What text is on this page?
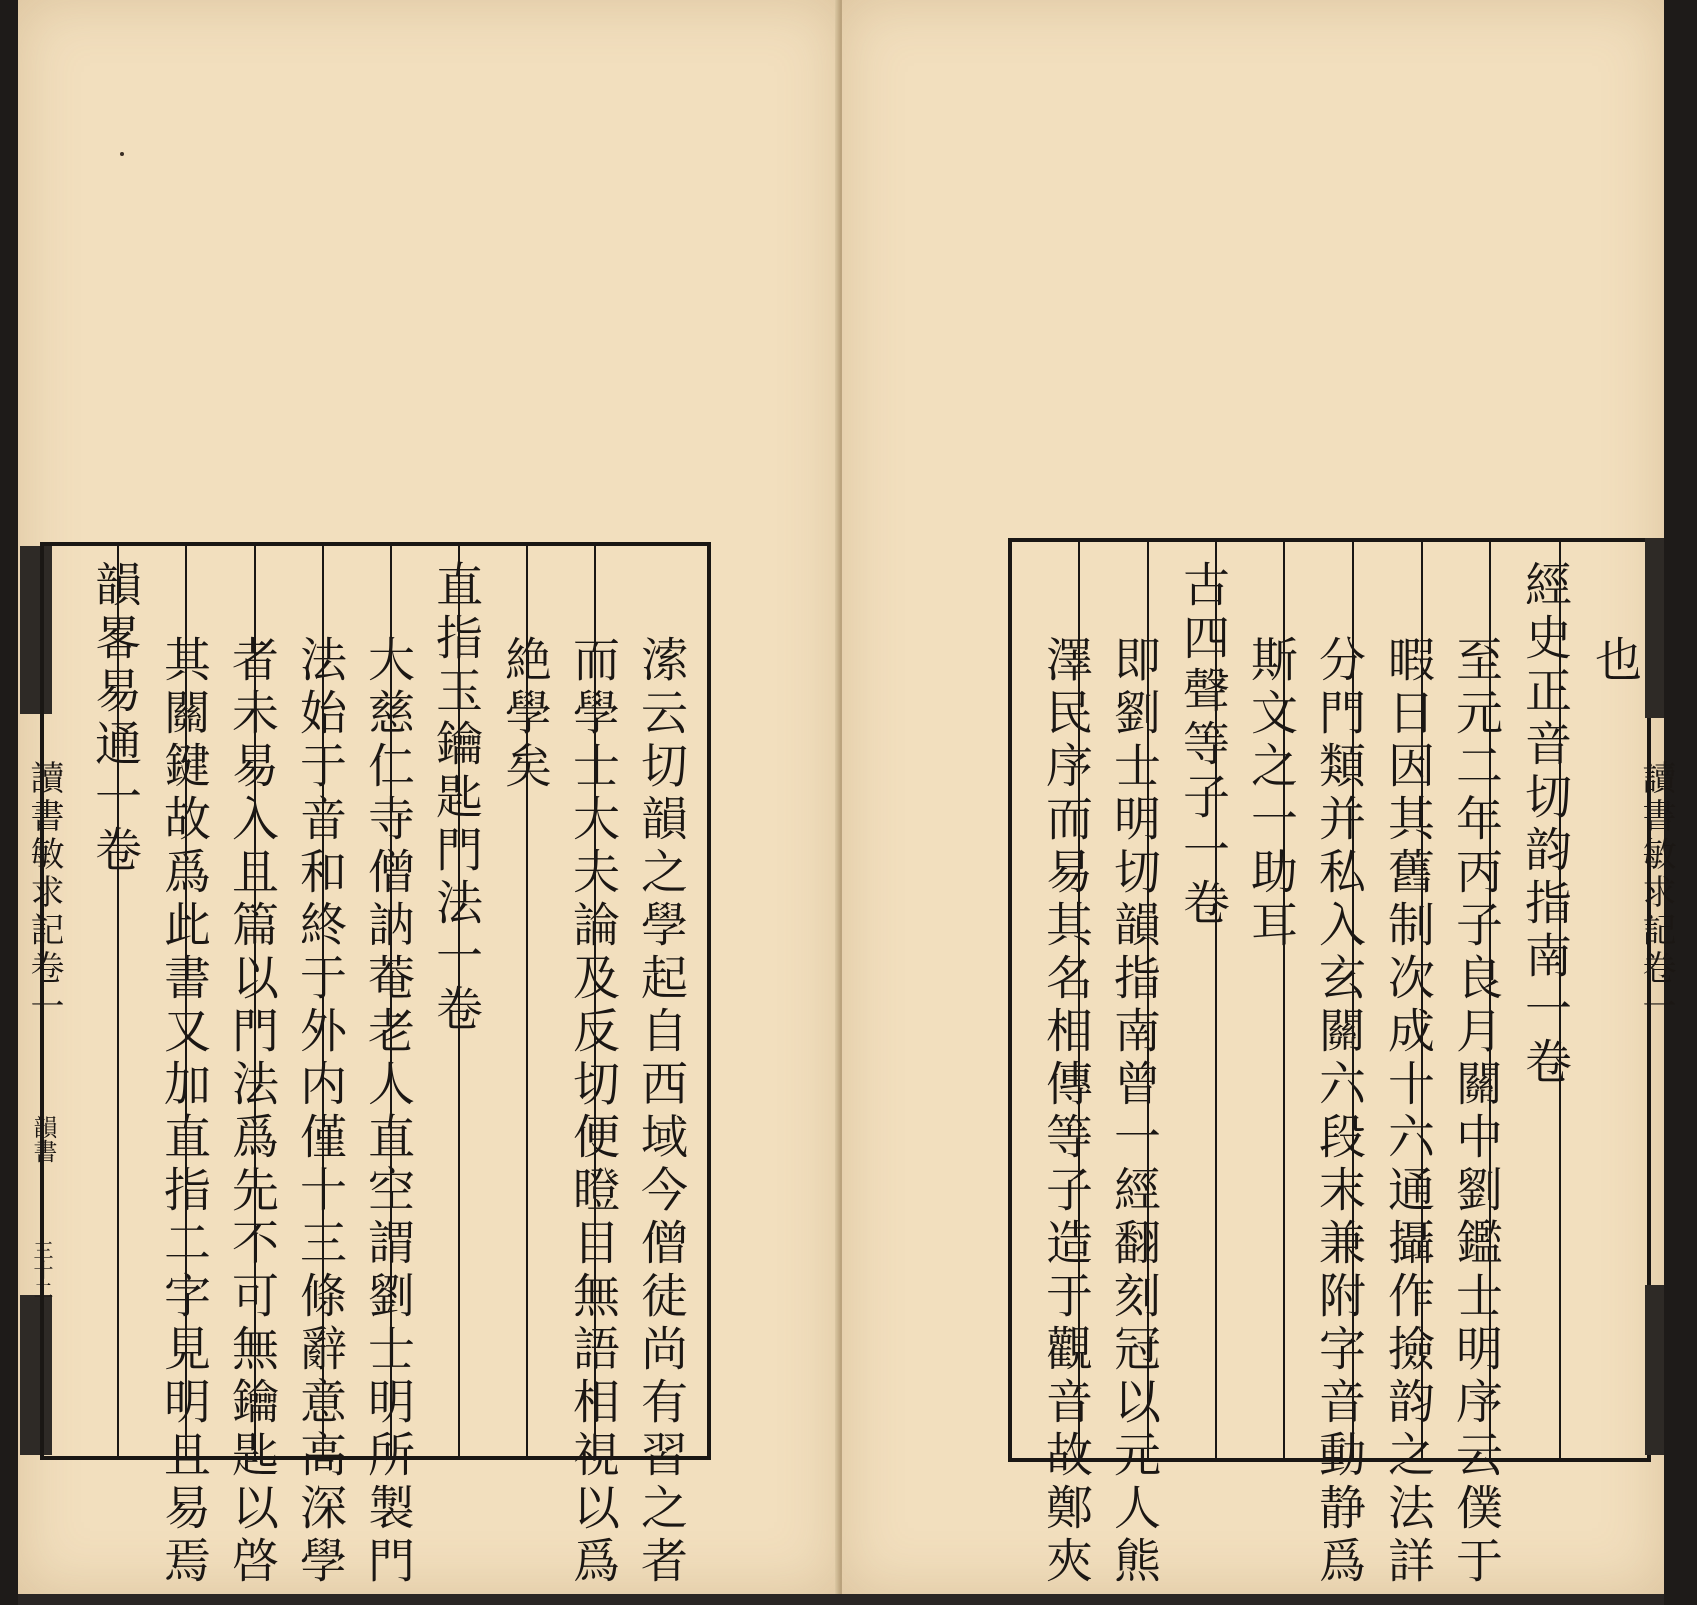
讀書敏求記卷一
韻書
三十二	溹云切韻之學起自西域今僧徒尚有習之者
而學士大夫論及反切便瞪目無語相視以爲
絶學矣
直指玉鑰匙門法一卷
大慈仁寺僧訥菴老人直空謂劉士明所製門
法始于音和終于外内僅十三條辭意高深學
者未易入且篇以門法爲先不可無鑰匙以啓
其關鍵故爲此書又加直指二字見明且易焉
韻畧易通一卷
讀書敏求記卷一
也
經史正音切韵指南一卷
至元二年丙子良月關中劉鑑士明序云僕于
暇日因其舊制次成十六通攝作撿韵之法詳
分門類并私入玄關六段末兼附字音動静爲
斯文之一助耳
古四聲等子一卷
即劉士明切韻指南曾一經翻刻冠以元人熊
澤民序而易其名相傳等子造于觀音故鄭夾
